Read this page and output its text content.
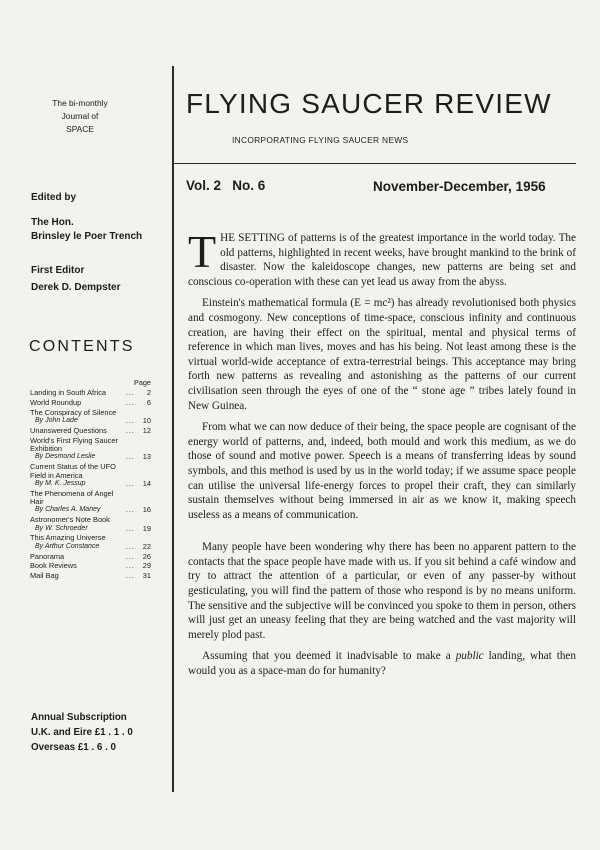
The bi-monthly
Journal of
SPACE
FLYING SAUCER REVIEW
INCORPORATING FLYING SAUCER NEWS
Vol. 2 No. 6	November-December, 1956
Edited by
The Hon.
Brinsley le Poer Trench
First Editor
Derek D. Dempster
CONTENTS
Page
Landing in South Africa	...	2
World Roundup	...	6
The Conspiracy of Silence
By John Lade	...	10
Unanswered Questions	...	12
World's First Flying Saucer Exhibition
By Desmond Leslie	...	13
Current Status of the UFO Field in America
By M. K. Jessup	...	14
The Phenomena of Angel Hair
By Charles A. Maney	...	16
Astronomer's Note Book
By W. Schroeder	...	19
This Amazing Universe
By Arthur Constance	...	22
Panorama	...	26
Book Reviews	...	29
Mail Bag	...	31
Annual Subscription
U.K. and Eire £1 . 1 . 0
Overseas £1 . 6 . 0

THE SETTING of patterns is of the greatest importance in the world today. The old patterns, highlighted in recent weeks, have brought mankind to the brink of disaster. Now the kaleidoscope changes, new patterns are being set and conscious co-operation with these can yet lead us away from the abyss.

Einstein's mathematical formula (E = mc²) has already revolutionised both physics and cosmogony. New conceptions of time-space, conscious infinity and continuous creation, are having their effect on the spiritual, mental and physical terms of reference in which man lives, moves and has his being. Not least among these is the virtual world-wide acceptance of extra-terrestrial beings. This acceptance may bring forth new patterns as revealing and astonishing as the patterns of our current civilisation seen through the eyes of one of the “ stone age ” tribes lately found in New Guinea.

From what we can now deduce of their being, the space people are cognisant of the energy world of patterns, and, indeed, both mould and work this medium, as we do those of sound and motive power. Speech is a means of transferring ideas by sound symbols, and this method is used by us in the world today; if we assume space people can utilise the universal life-energy forces to propel their craft, they can similarly sustain themselves without being immersed in air as we know it, making speech useless as a means of communication.

Many people have been wondering why there has been no apparent pattern to the contacts that the space people have made with us. If you sit behind a café window and try to attract the attention of a particular, or even of any passer-by without gesticulating, you will find the pattern of those who respond is by no means uniform. The sensitive and the subjective will be convinced you spoke to them in person, others will just get an uneasy feeling that they are being watched and the vast majority will merely plod past.

Assuming that you deemed it inadvisable to make a public landing, what then would you as a space-man do for humanity?
